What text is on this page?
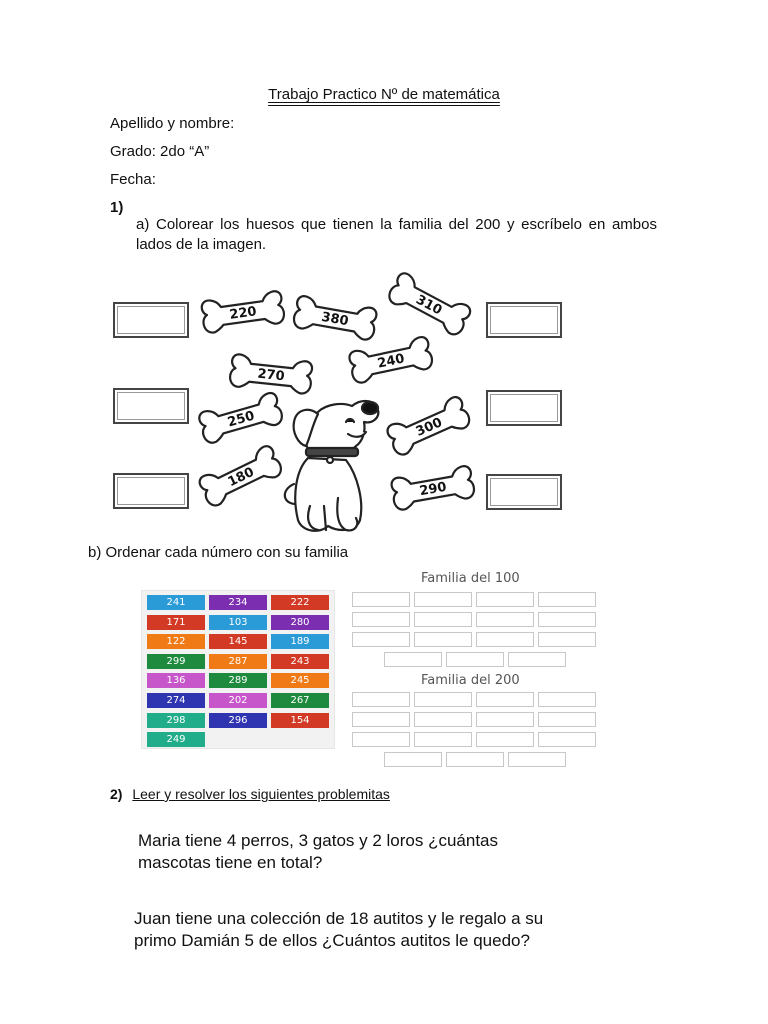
Trabajo Practico Nº de matemática
Apellido y nombre:
Grado: 2do “A”
Fecha:
1)
a) Colorear los huesos que tienen la familia del 200 y escríbelo en ambos lados de la imagen.
220	380
310
240
270
250	300
180	290
b) Ordenar cada número con su familia
241	234	222
171	103	280
122	145	189
299	287	243
136	289	245
274	202	267
298	296	154
249
Familia del 100
Familia del 200
2) Leer y resolver los siguientes problemitas
Maria tiene 4 perros, 3 gatos y 2 loros ¿cuántas mascotas tiene en total?
Juan tiene una colección de 18 autitos y le regalo a su primo Damián 5 de ellos ¿Cuántos autitos le quedo?
